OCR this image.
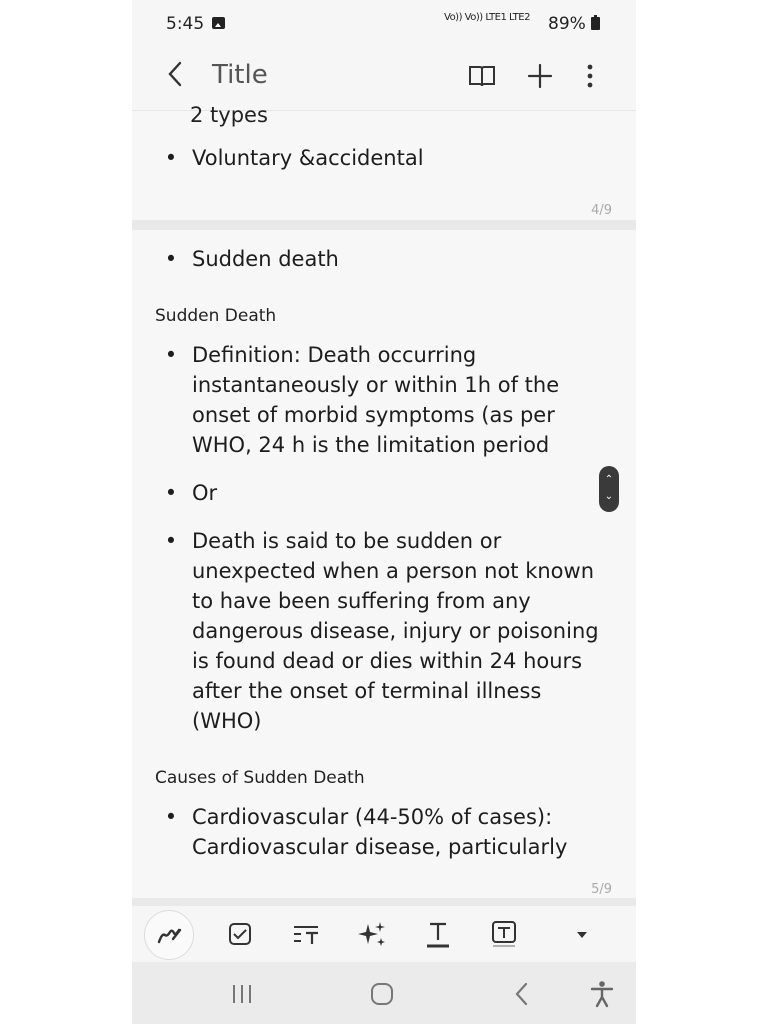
5:45	Vo)) Vo)) LTE1 LTE2 89%
Title
2 types
• Voluntary &accidental
4/9
• Sudden death
Sudden Death
• Definition: Death occurring
instantaneously or within 1h of the
onset of morbid symptoms (as per
WHO, 24 h is the limitation period
• Or
• Death is said to be sudden or
unexpected when a person not known
to have been suffering from any
dangerous disease, injury or poisoning
is found dead or dies within 24 hours
after the onset of terminal illness
(WHO)
Causes of Sudden Death
• Cardiovascular (44-50% of cases):
Cardiovascular disease, particularly
5/9
⌃
⌄
